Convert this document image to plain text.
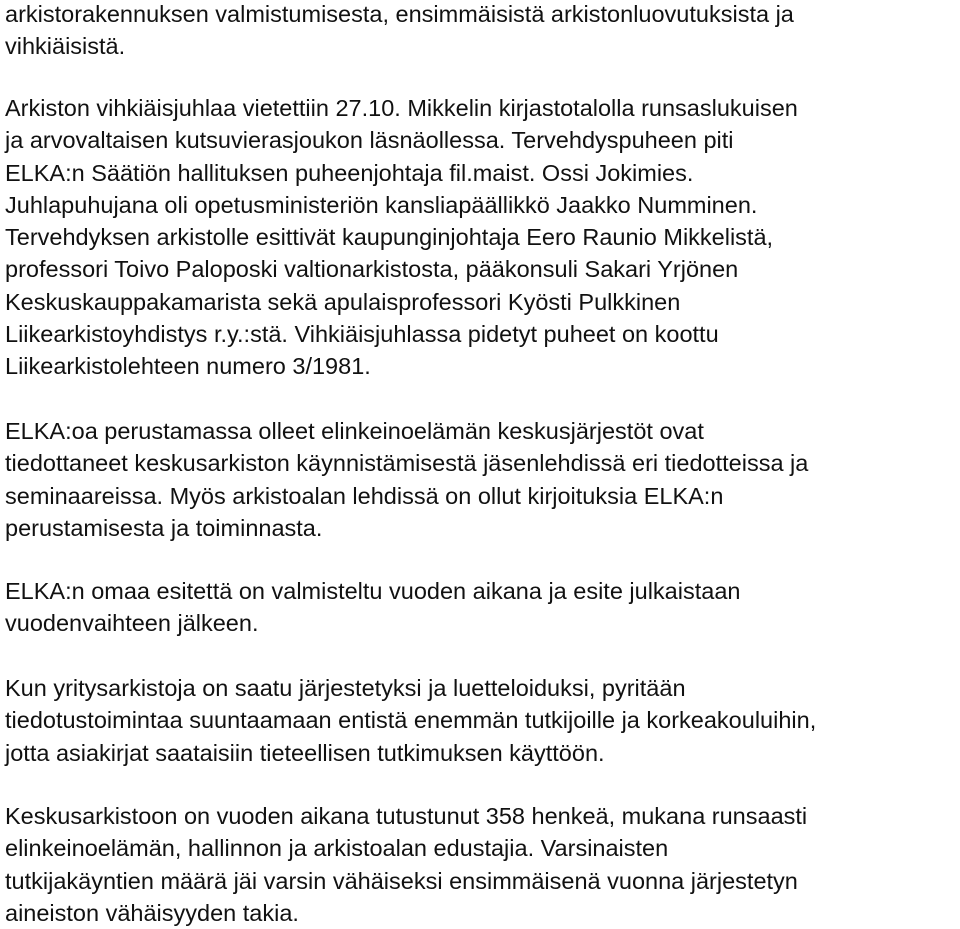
arkistorakennuksen valmistumisesta, ensimmäisistä arkistonluovutuksista ja
vihkiäisistä.

Arkiston vihkiäisjuhlaa vietettiin 27.10. Mikkelin kirjastotalolla runsaslukuisen
ja arvovaltaisen kutsuvierasjoukon läsnäollessa. Tervehdyspuheen piti
ELKA:n Säätiön hallituksen puheenjohtaja fil.maist. Ossi Jokimies.
Juhlapuhujana oli opetusministeriön kansliapäällikkö Jaakko Numminen.
Tervehdyksen arkistolle esittivät kaupunginjohtaja Eero Raunio Mikkelistä,
professori Toivo Paloposki valtionarkistosta, pääkonsuli Sakari Yrjönen
Keskuskauppakamarista sekä apulaisprofessori Kyösti Pulkkinen
Liikearkistoyhdistys r.y.:stä. Vihkiäisjuhlassa pidetyt puheet on koottu
Liikearkistolehteen numero 3/1981.

ELKA:oa perustamassa olleet elinkeinoelämän keskusjärjestöt ovat
tiedottaneet keskusarkiston käynnistämisestä jäsenlehdissä eri tiedotteissa ja
seminaareissa. Myös arkistoalan lehdissä on ollut kirjoituksia ELKA:n
perustamisesta ja toiminnasta.

ELKA:n omaa esitettä on valmisteltu vuoden aikana ja esite julkaistaan
vuodenvaihteen jälkeen.

Kun yritysarkistoja on saatu järjestetyksi ja luetteloiduksi, pyritään
tiedotustoimintaa suuntaamaan entistä enemmän tutkijoille ja korkeakouluihin,
jotta asiakirjat saataisiin tieteellisen tutkimuksen käyttöön.

Keskusarkistoon on vuoden aikana tutustunut 358 henkeä, mukana runsaasti
elinkeinoelämän, hallinnon ja arkistoalan edustajia. Varsinaisten
tutkijakäyntien määrä jäi varsin vähäiseksi ensimmäisenä vuonna järjestetyn
aineiston vähäisyyden takia.
